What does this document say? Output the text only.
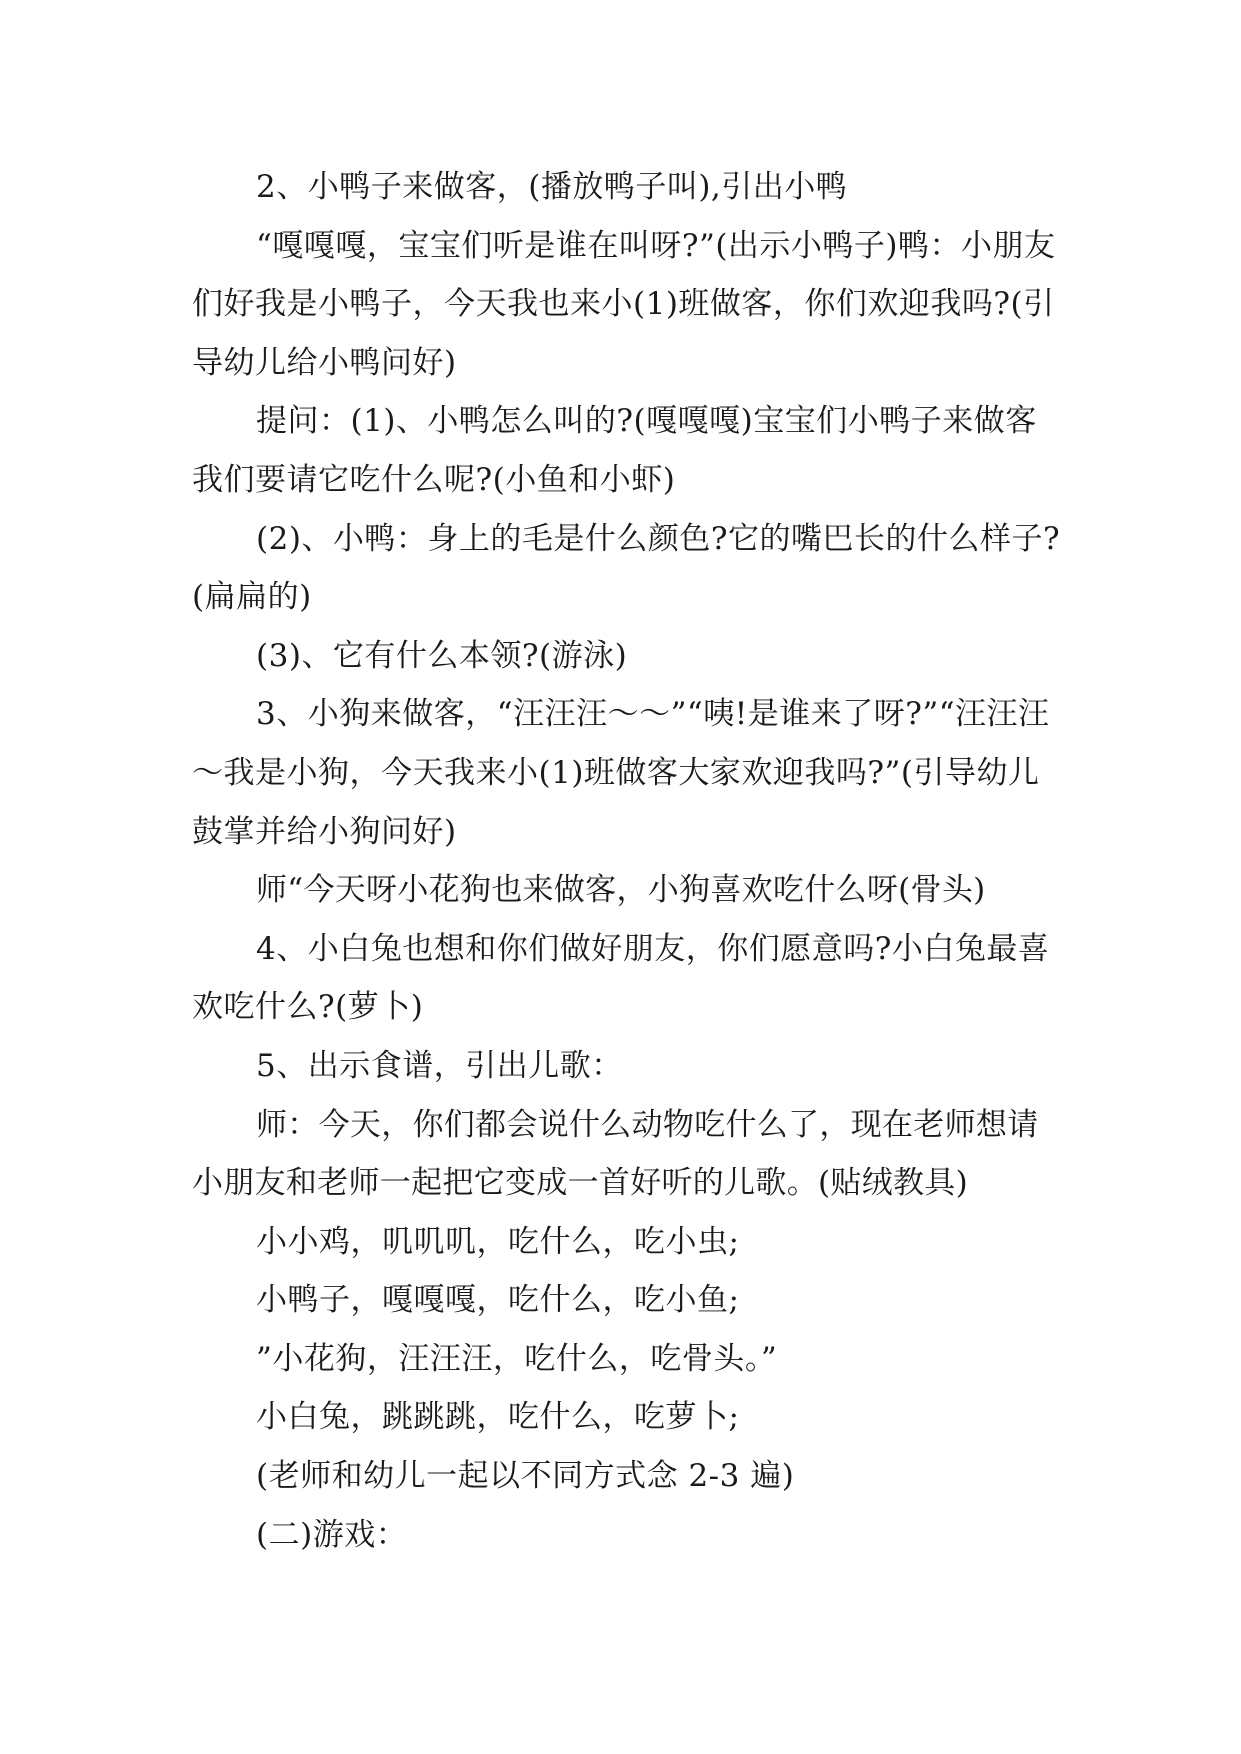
2、小鸭子来做客，(播放鸭子叫),引出小鸭

“嘎嘎嘎，宝宝们听是谁在叫呀?”(出示小鸭子)鸭：小朋友们好我是小鸭子，今天我也来小(1)班做客，你们欢迎我吗?(引导幼儿给小鸭问好)

提问：(1)、小鸭怎么叫的?(嘎嘎嘎)宝宝们小鸭子来做客我们要请它吃什么呢?(小鱼和小虾)

(2)、小鸭：身上的毛是什么颜色?它的嘴巴长的什么样子?(扁扁的)

(3)、它有什么本领?(游泳)

3、小狗来做客，“汪汪汪～～”“咦!是谁来了呀?”“汪汪汪～我是小狗，今天我来小(1)班做客大家欢迎我吗?”(引导幼儿鼓掌并给小狗问好)

师“今天呀小花狗也来做客，小狗喜欢吃什么呀(骨头)

4、小白兔也想和你们做好朋友，你们愿意吗?小白兔最喜欢吃什么?(萝卜)

5、出示食谱，引出儿歌：

师：今天，你们都会说什么动物吃什么了，现在老师想请小朋友和老师一起把它变成一首好听的儿歌。(贴绒教具)

小小鸡，叽叽叽，吃什么，吃小虫;

小鸭子，嘎嘎嘎，吃什么，吃小鱼;

”小花狗，汪汪汪，吃什么，吃骨头。”

小白兔，跳跳跳，吃什么，吃萝卜;

(老师和幼儿一起以不同方式念 2-3 遍)

(二)游戏：
